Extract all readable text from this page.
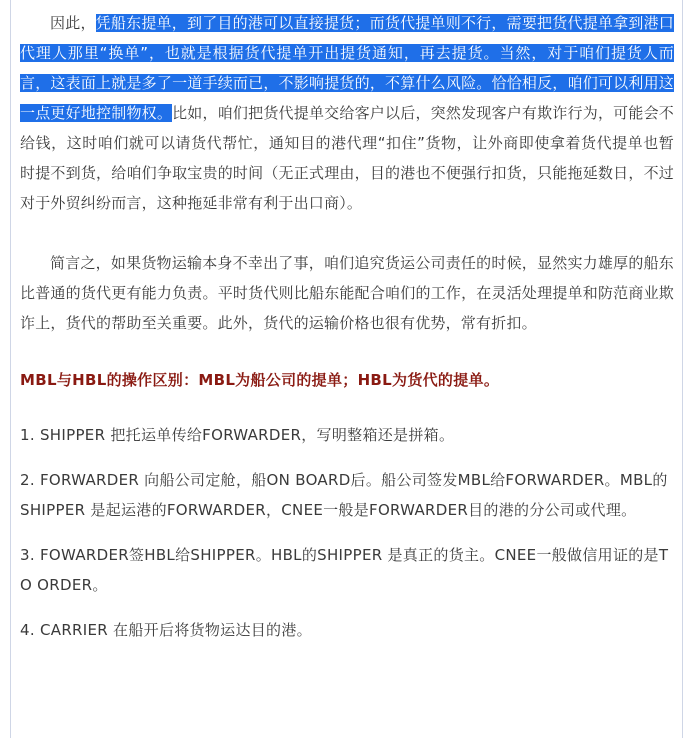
因此，凭船东提单，到了目的港可以直接提货；而货代提单则不行，需要把货代提单拿到港口代理人那里“换单”，也就是根据货代提单开出提货通知，再去提货。当然，对于咱们提货人而言，这表面上就是多了一道手续而已，不影响提货的，不算什么风险。恰恰相反，咱们可以利用这一点更好地控制物权。比如，咱们把货代提单交给客户以后，突然发现客户有欺诈行为，可能会不给钱，这时咱们就可以请货代帮忙，通知目的港代理“扣住”货物，让外商即使拿着货代提单也暂时提不到货，给咱们争取宝贵的时间（无正式理由，目的港也不便强行扣货，只能拖延数日，不过对于外贸纠纷而言，这种拖延非常有利于出口商）。

简言之，如果货物运输本身不幸出了事，咱们追究货运公司责任的时候，显然实力雄厚的船东比普通的货代更有能力负责。平时货代则比船东能配合咱们的工作，在灵活处理提单和防范商业欺诈上，货代的帮助至关重要。此外，货代的运输价格也很有优势，常有折扣。

MBL与HBL的操作区别：MBL为船公司的提单；HBL为货代的提单。

1. SHIPPER 把托运单传给FORWARDER，写明整箱还是拼箱。

2. FORWARDER 向船公司定舱，船ON BOARD后。船公司签发MBL给FORWARDER。MBL的SHIPPER 是起运港的FORWARDER，CNEE一般是FORWARDER目的港的分公司或代理。

3. FOWARDER签HBL给SHIPPER。HBL的SHIPPER 是真正的货主。CNEE一般做信用证的是TO ORDER。

4. CARRIER 在船开后将货物运达目的港。
